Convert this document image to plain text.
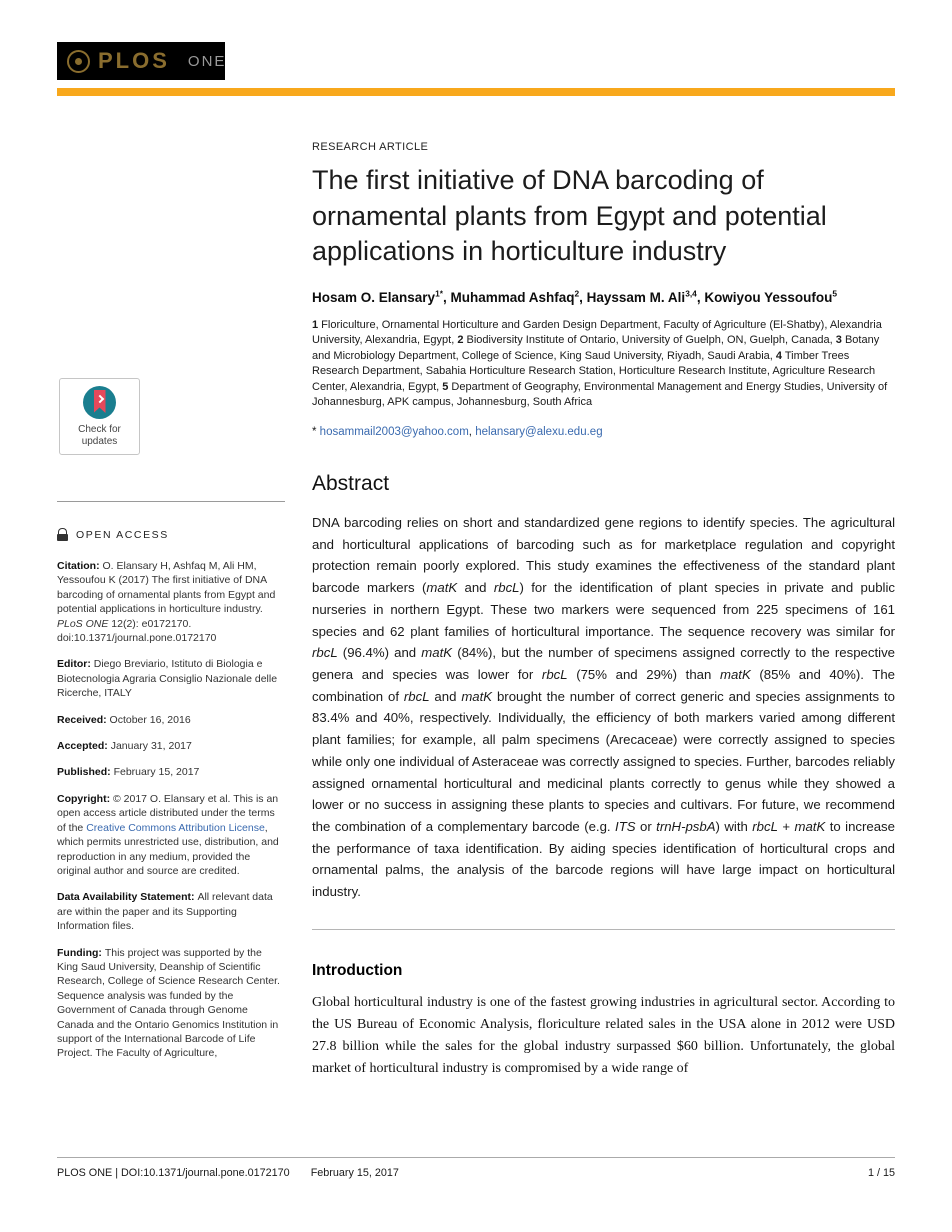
PLOS ONE
Check for
updates
OPEN ACCESS

Citation: O. Elansary H, Ashfaq M, Ali HM, Yessoufou K (2017) The first initiative of DNA barcoding of ornamental plants from Egypt and potential applications in horticulture industry. PLoS ONE 12(2): e0172170. doi:10.1371/journal.pone.0172170

Editor: Diego Breviario, Istituto di Biologia e Biotecnologia Agraria Consiglio Nazionale delle Ricerche, ITALY

Received: October 16, 2016

Accepted: January 31, 2017

Published: February 15, 2017

Copyright: © 2017 O. Elansary et al. This is an open access article distributed under the terms of the Creative Commons Attribution License, which permits unrestricted use, distribution, and reproduction in any medium, provided the original author and source are credited.

Data Availability Statement: All relevant data are within the paper and its Supporting Information files.

Funding: This project was supported by the King Saud University, Deanship of Scientific Research, College of Science Research Center. Sequence analysis was funded by the Government of Canada through Genome Canada and the Ontario Genomics Institution in support of the International Barcode of Life Project. The Faculty of Agriculture,

RESEARCH ARTICLE
The first initiative of DNA barcoding of ornamental plants from Egypt and potential applications in horticulture industry

Hosam O. Elansary$^{1*}$, Muhammad Ashfaq$^2$, Hayssam M. Ali$^{3,4}$, Kowiyou Yessoufou$^5$

1 Floriculture, Ornamental Horticulture and Garden Design Department, Faculty of Agriculture (El-Shatby), Alexandria University, Alexandria, Egypt, 2 Biodiversity Institute of Ontario, University of Guelph, ON, Guelph, Canada, 3 Botany and Microbiology Department, College of Science, King Saud University, Riyadh, Saudi Arabia, 4 Timber Trees Research Department, Sabahia Horticulture Research Station, Horticulture Research Institute, Agriculture Research Center, Alexandria, Egypt, 5 Department of Geography, Environmental Management and Energy Studies, University of Johannesburg, APK campus, Johannesburg, South Africa

* hosammail2003@yahoo.com, helansary@alexu.edu.eg

Abstract

DNA barcoding relies on short and standardized gene regions to identify species. The agricultural and horticultural applications of barcoding such as for marketplace regulation and copyright protection remain poorly explored. This study examines the effectiveness of the standard plant barcode markers (matK and rbcL) for the identification of plant species in private and public nurseries in northern Egypt. These two markers were sequenced from 225 specimens of 161 species and 62 plant families of horticultural importance. The sequence recovery was similar for rbcL (96.4%) and matK (84%), but the number of specimens assigned correctly to the respective genera and species was lower for rbcL (75% and 29%) than matK (85% and 40%). The combination of rbcL and matK brought the number of correct generic and species assignments to 83.4% and 40%, respectively. Individually, the efficiency of both markers varied among different plant families; for example, all palm specimens (Arecaceae) were correctly assigned to species while only one individual of Asteraceae was correctly assigned to species. Further, barcodes reliably assigned ornamental horticultural and medicinal plants correctly to genus while they showed a lower or no success in assigning these plants to species and cultivars. For future, we recommend the combination of a complementary barcode (e.g. ITS or trnH-psbA) with rbcL + matK to increase the performance of taxa identification. By aiding species identification of horticultural crops and ornamental palms, the analysis of the barcode regions will have large impact on horticultural industry.

Introduction

Global horticultural industry is one of the fastest growing industries in agricultural sector. According to the US Bureau of Economic Analysis, floriculture related sales in the USA alone in 2012 were USD 27.8 billion while the sales for the global industry surpassed $60 billion. Unfortunately, the global market of horticultural industry is compromised by a wide range of

PLOS ONE | DOI:10.1371/journal.pone.0172170 February 15, 2017	1 / 15
